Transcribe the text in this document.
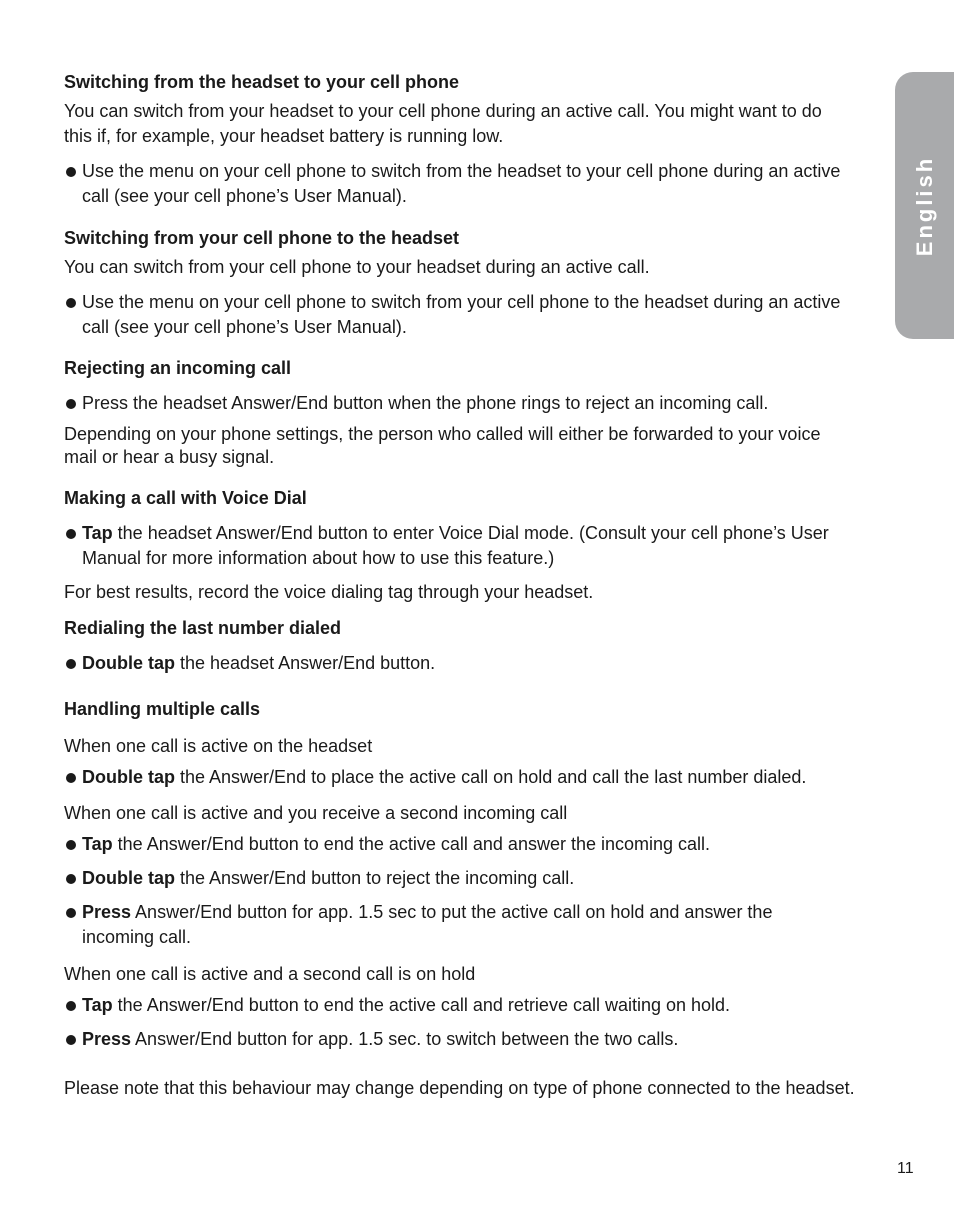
English
Switching from the headset to your cell phone
You can switch from your headset to your cell phone during an active call. You might want to do
this if, for example, your headset battery is running low.
Use the menu on your cell phone to switch from the headset to your cell phone during an active
call (see your cell phone’s User Manual).
Switching from your cell phone to the headset
You can switch from your cell phone to your headset during an active call.
Use the menu on your cell phone to switch from your cell phone to the headset during an active
call (see your cell phone’s User Manual).
Rejecting an incoming call
Press the headset Answer/End button when the phone rings to reject an incoming call.
Depending on your phone settings, the person who called will either be forwarded to your voice
mail or hear a busy signal.
Making a call with Voice Dial
Tap the headset Answer/End button to enter Voice Dial mode. (Consult your cell phone’s User
Manual for more information about how to use this feature.)
For best results, record the voice dialing tag through your headset.
Redialing the last number dialed
Double tap the headset Answer/End button.
Handling multiple calls
When one call is active on the headset
Double tap the Answer/End to place the active call on hold and call the last number dialed.
When one call is active and you receive a second incoming call
Tap the Answer/End button to end the active call and answer the incoming call.
Double tap the Answer/End button to reject the incoming call.
Press Answer/End button for app. 1.5 sec to put the active call on hold and answer the
incoming call.
When one call is active and a second call is on hold
Tap the Answer/End button to end the active call and retrieve call waiting on hold.
Press Answer/End button for app. 1.5 sec. to switch between the two calls.
Please note that this behaviour may change depending on type of phone connected to the headset.
11
